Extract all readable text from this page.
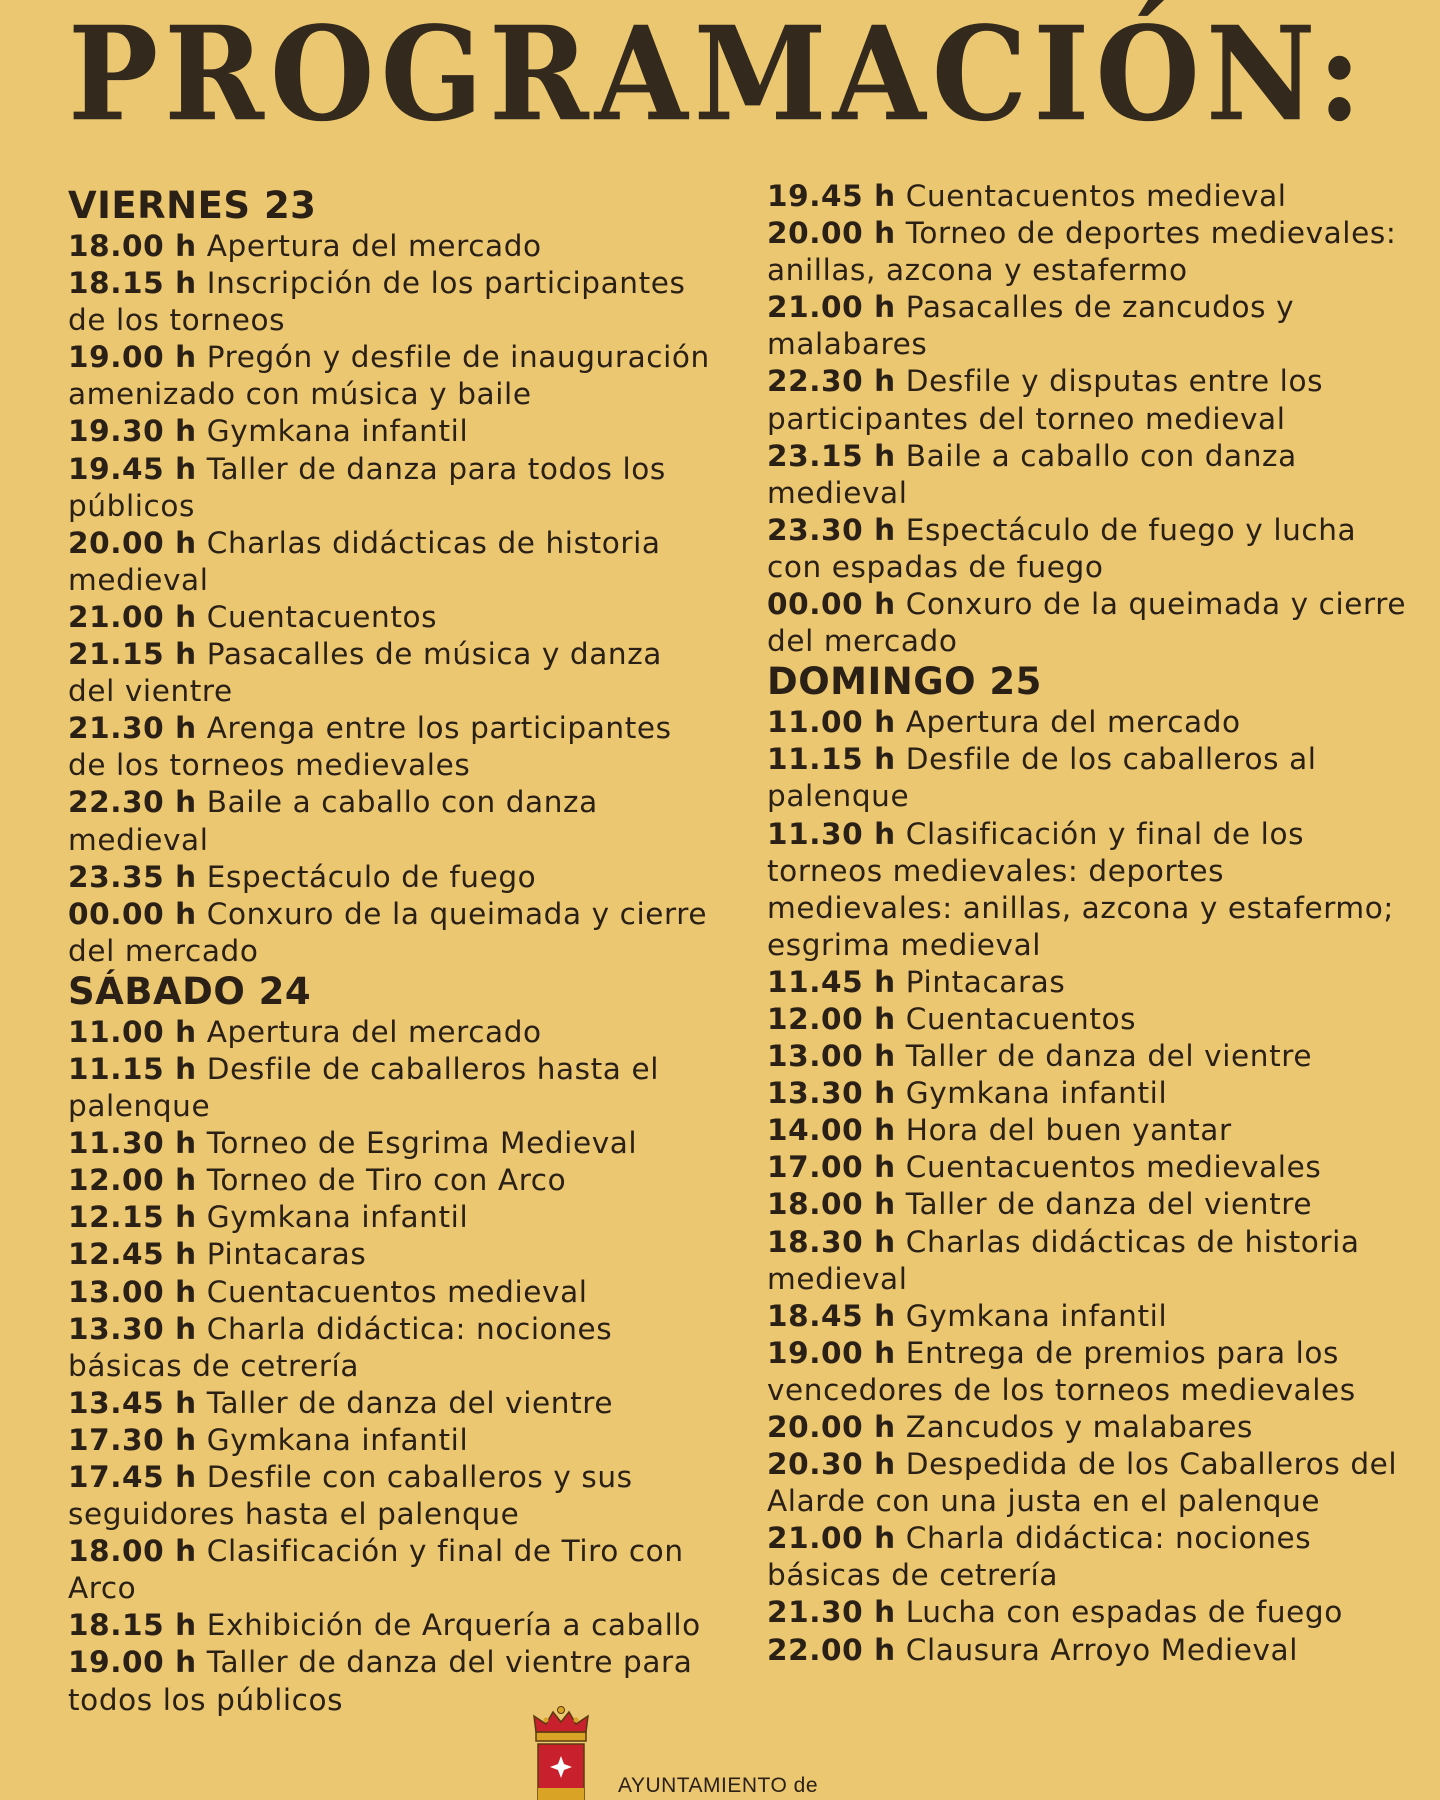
PROGRAMACIÓN:
VIERNES 23

18.00 h Apertura del mercado

18.15 h Inscripción de los participantes de los torneos

19.00 h Pregón y desfile de inauguración amenizado con música y baile

19.30 h Gymkana infantil

19.45 h Taller de danza para todos los públicos

20.00 h Charlas didácticas de historia medieval

21.00 h Cuentacuentos

21.15 h Pasacalles de música y danza del vientre

21.30 h Arenga entre los participantes de los torneos medievales

22.30 h Baile a caballo con danza medieval

23.35 h Espectáculo de fuego

00.00 h Conxuro de la queimada y cierre del mercado

SÁBADO 24

11.00 h Apertura del mercado

11.15 h Desfile de caballeros hasta el palenque

11.30 h Torneo de Esgrima Medieval

12.00 h Torneo de Tiro con Arco

12.15 h Gymkana infantil

12.45 h Pintacaras

13.00 h Cuentacuentos medieval

13.30 h Charla didáctica: nociones básicas de cetrería

13.45 h Taller de danza del vientre

17.30 h Gymkana infantil

17.45 h Desfile con caballeros y sus seguidores hasta el palenque

18.00 h Clasificación y final de Tiro con Arco

18.15 h Exhibición de Arquería a caballo

19.00 h Taller de danza del vientre para todos los públicos

19.45 h Cuentacuentos medieval

20.00 h Torneo de deportes medievales: anillas, azcona y estafermo

21.00 h Pasacalles de zancudos y malabares

22.30 h Desfile y disputas entre los participantes del torneo medieval

23.15 h Baile a caballo con danza medieval

23.30 h Espectáculo de fuego y lucha con espadas de fuego

00.00 h Conxuro de la queimada y cierre del mercado

DOMINGO 25

11.00 h Apertura del mercado

11.15 h Desfile de los caballeros al palenque

11.30 h Clasificación y final de los torneos medievales: deportes medievales: anillas, azcona y estafermo; esgrima medieval

11.45 h Pintacaras

12.00 h Cuentacuentos

13.00 h Taller de danza del vientre

13.30 h Gymkana infantil

14.00 h Hora del buen yantar

17.00 h Cuentacuentos medievales

18.00 h Taller de danza del vientre

18.30 h Charlas didácticas de historia medieval

18.45 h Gymkana infantil

19.00 h Entrega de premios para los vencedores de los torneos medievales

20.00 h Zancudos y malabares

20.30 h Despedida de los Caballeros del Alarde con una justa en el palenque

21.00 h Charla didáctica: nociones básicas de cetrería

21.30 h Lucha con espadas de fuego

22.00 h Clausura Arroyo Medieval

AYUNTAMIENTO de
